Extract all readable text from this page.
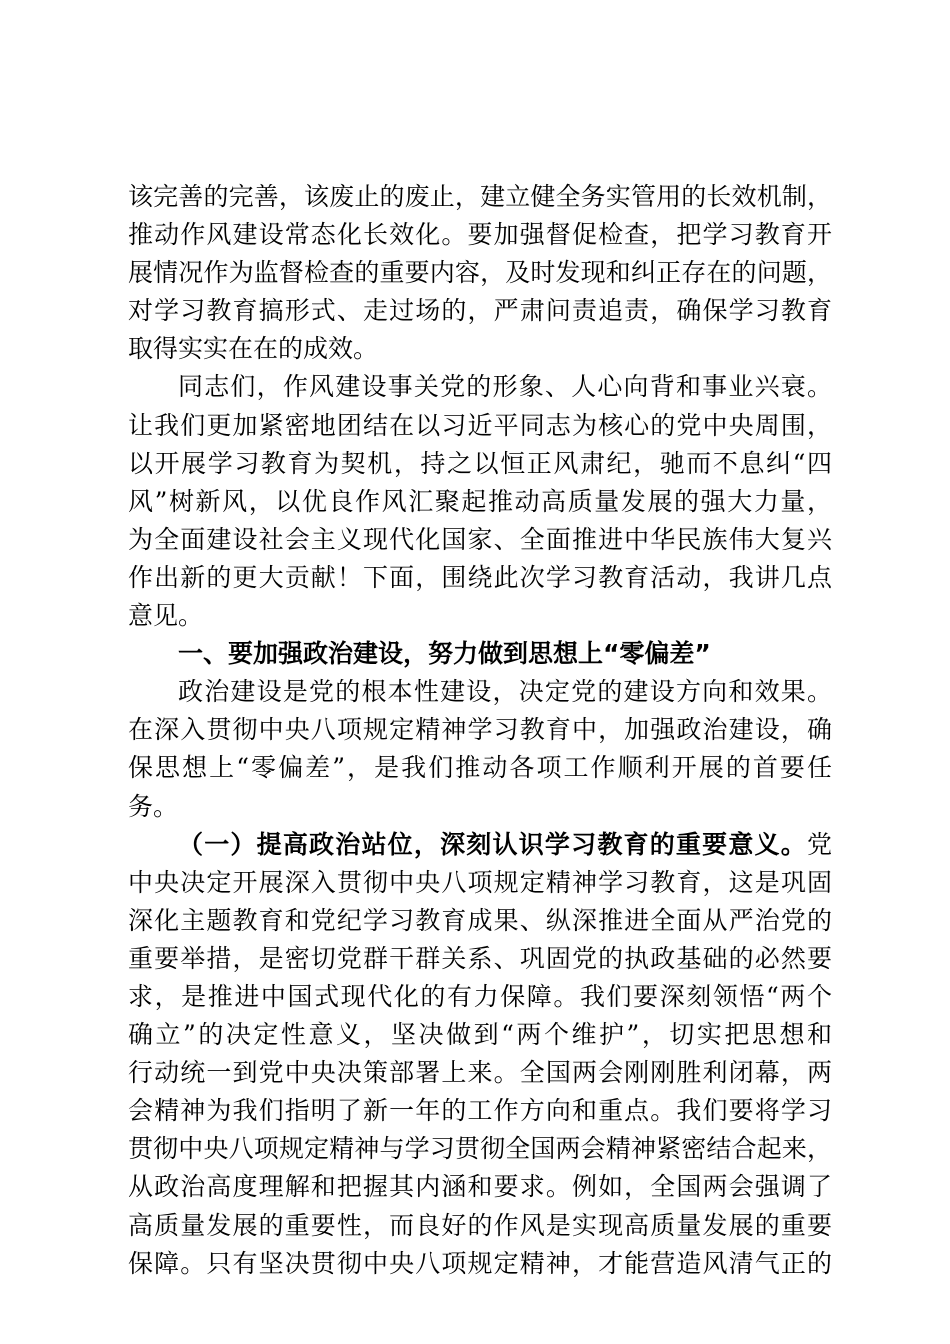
该完善的完善，该废止的废止，建立健全务实管用的长效机制，
推动作风建设常态化长效化。要加强督促检查，把学习教育开
展情况作为监督检查的重要内容，及时发现和纠正存在的问题，
对学习教育搞形式、走过场的，严肃问责追责，确保学习教育
取得实实在在的成效。
同志们，作风建设事关党的形象、人心向背和事业兴衰。
让我们更加紧密地团结在以习近平同志为核心的党中央周围，
以开展学习教育为契机，持之以恒正风肃纪，驰而不息纠“四
风”树新风，以优良作风汇聚起推动高质量发展的强大力量，
为全面建设社会主义现代化国家、全面推进中华民族伟大复兴
作出新的更大贡献！下面，围绕此次学习教育活动，我讲几点
意见。
一、要加强政治建设，努力做到思想上“零偏差”
政治建设是党的根本性建设，决定党的建设方向和效果。
在深入贯彻中央八项规定精神学习教育中，加强政治建设，确
保思想上“零偏差”，是我们推动各项工作顺利开展的首要任
务。
（一）提高政治站位，深刻认识学习教育的重要意义。党
中央决定开展深入贯彻中央八项规定精神学习教育，这是巩固
深化主题教育和党纪学习教育成果、纵深推进全面从严治党的
重要举措，是密切党群干群关系、巩固党的执政基础的必然要
求，是推进中国式现代化的有力保障。我们要深刻领悟“两个
确立”的决定性意义，坚决做到“两个维护”，切实把思想和
行动统一到党中央决策部署上来。全国两会刚刚胜利闭幕，两
会精神为我们指明了新一年的工作方向和重点。我们要将学习
贯彻中央八项规定精神与学习贯彻全国两会精神紧密结合起来，
从政治高度理解和把握其内涵和要求。例如，全国两会强调了
高质量发展的重要性，而良好的作风是实现高质量发展的重要
保障。只有坚决贯彻中央八项规定精神，才能营造风清气正的
